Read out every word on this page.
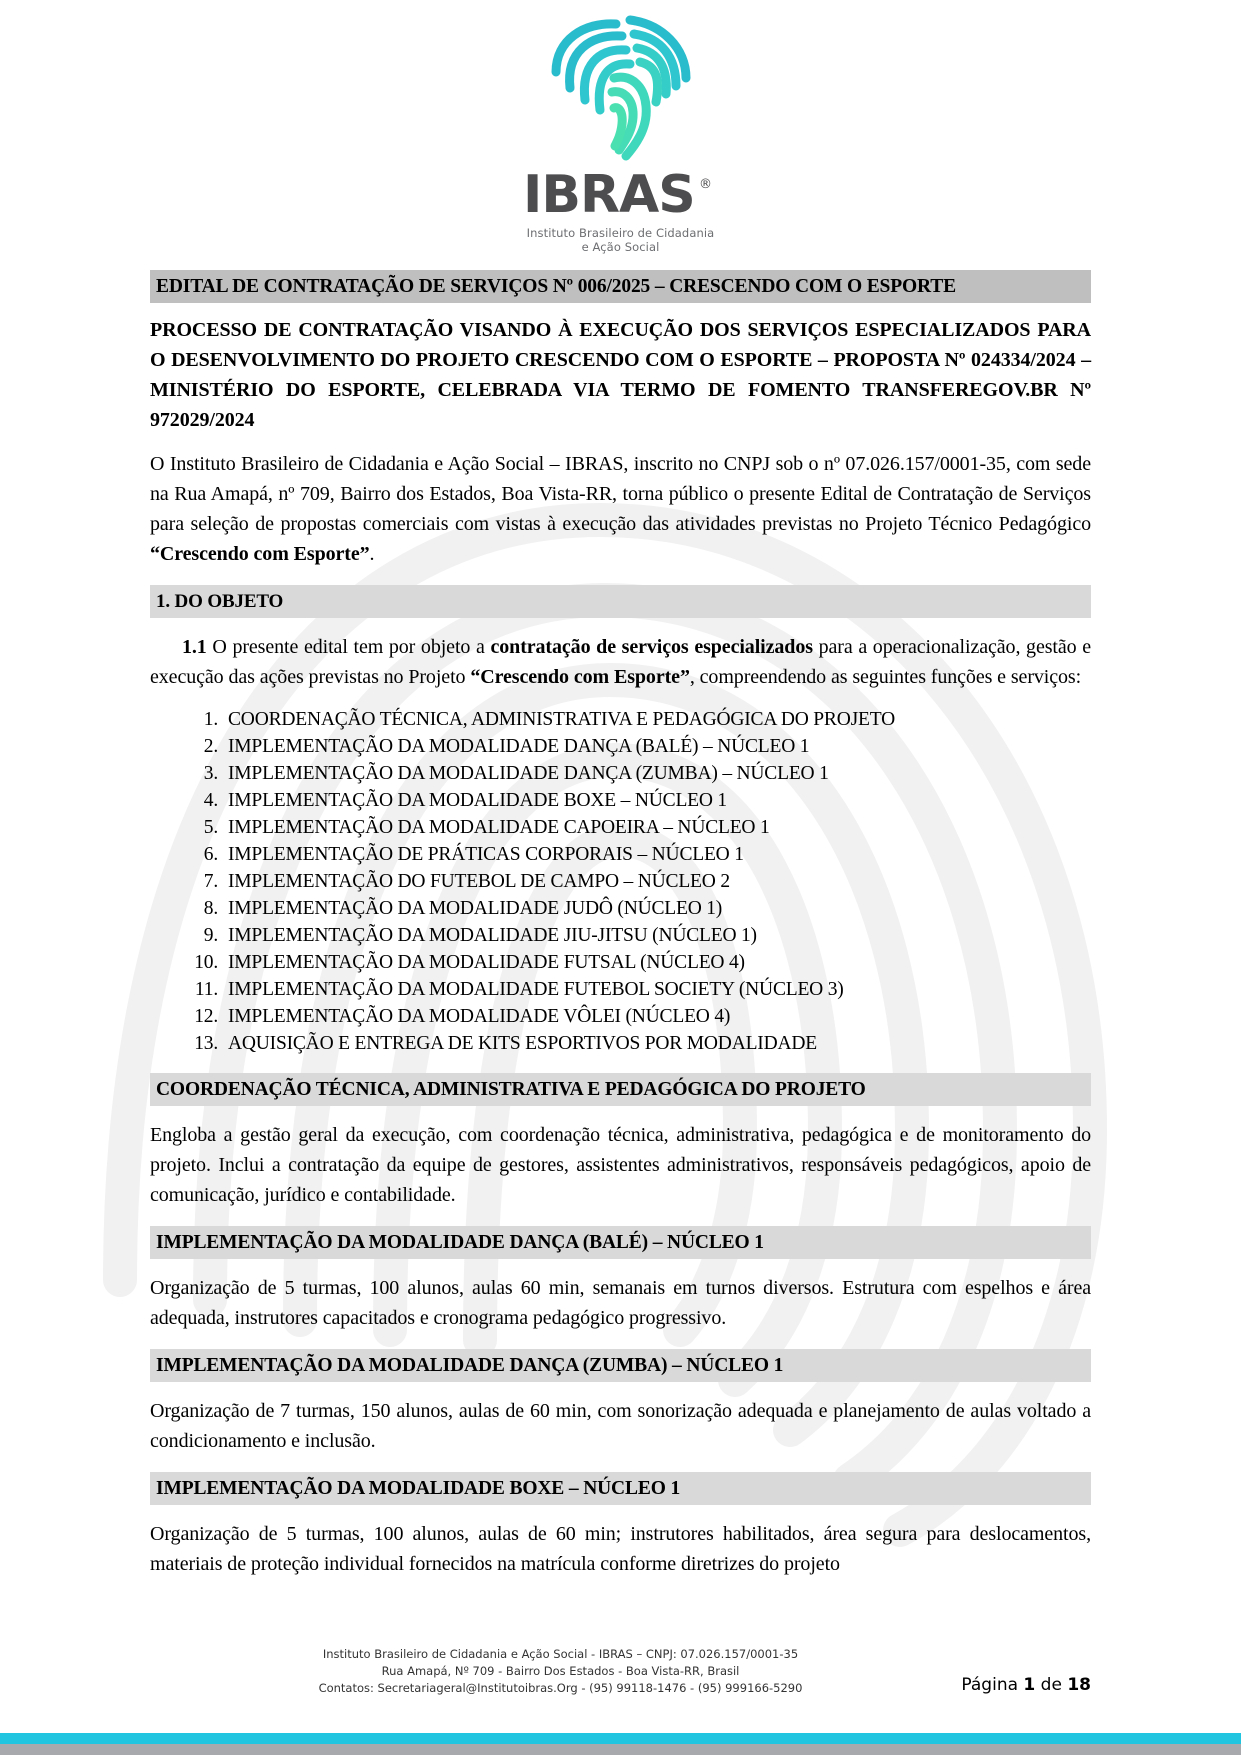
IBRAS ®
Instituto Brasileiro de Cidadania
e Ação Social
EDITAL DE CONTRATAÇÃO DE SERVIÇOS Nº 006/2025 – CRESCENDO COM O ESPORTE
PROCESSO DE CONTRATAÇÃO VISANDO À EXECUÇÃO DOS SERVIÇOS ESPECIALIZADOS PARA O DESENVOLVIMENTO DO PROJETO CRESCENDO COM O ESPORTE – PROPOSTA Nº 024334/2024 – MINISTÉRIO DO ESPORTE, CELEBRADA VIA TERMO DE FOMENTO TRANSFEREGOV.BR Nº 972029/2024

O Instituto Brasileiro de Cidadania e Ação Social – IBRAS, inscrito no CNPJ sob o nº 07.026.157/0001-35, com sede na Rua Amapá, nº 709, Bairro dos Estados, Boa Vista-RR, torna público o presente Edital de Contratação de Serviços para seleção de propostas comerciais com vistas à execução das atividades previstas no Projeto Técnico Pedagógico “Crescendo com Esporte”.

1. DO OBJETO

1.1 O presente edital tem por objeto a contratação de serviços especializados para a operacionalização, gestão e execução das ações previstas no Projeto “Crescendo com Esporte”, compreendendo as seguintes funções e serviços:

COORDENAÇÃO TÉCNICA, ADMINISTRATIVA E PEDAGÓGICA DO PROJETO
IMPLEMENTAÇÃO DA MODALIDADE DANÇA (BALÉ) – NÚCLEO 1
IMPLEMENTAÇÃO DA MODALIDADE DANÇA (ZUMBA) – NÚCLEO 1
IMPLEMENTAÇÃO DA MODALIDADE BOXE – NÚCLEO 1
IMPLEMENTAÇÃO DA MODALIDADE CAPOEIRA – NÚCLEO 1
IMPLEMENTAÇÃO DE PRÁTICAS CORPORAIS – NÚCLEO 1
IMPLEMENTAÇÃO DO FUTEBOL DE CAMPO – NÚCLEO 2
IMPLEMENTAÇÃO DA MODALIDADE JUDÔ (NÚCLEO 1)
IMPLEMENTAÇÃO DA MODALIDADE JIU-JITSU (NÚCLEO 1)
IMPLEMENTAÇÃO DA MODALIDADE FUTSAL (NÚCLEO 4)
IMPLEMENTAÇÃO DA MODALIDADE FUTEBOL SOCIETY (NÚCLEO 3)
IMPLEMENTAÇÃO DA MODALIDADE VÔLEI (NÚCLEO 4)
AQUISIÇÃO E ENTREGA DE KITS ESPORTIVOS POR MODALIDADE
COORDENAÇÃO TÉCNICA, ADMINISTRATIVA E PEDAGÓGICA DO PROJETO

Engloba a gestão geral da execução, com coordenação técnica, administrativa, pedagógica e de monitoramento do projeto. Inclui a contratação da equipe de gestores, assistentes administrativos, responsáveis pedagógicos, apoio de comunicação, jurídico e contabilidade.

IMPLEMENTAÇÃO DA MODALIDADE DANÇA (BALÉ) – NÚCLEO 1

Organização de 5 turmas, 100 alunos, aulas 60 min, semanais em turnos diversos. Estrutura com espelhos e área adequada, instrutores capacitados e cronograma pedagógico progressivo.

IMPLEMENTAÇÃO DA MODALIDADE DANÇA (ZUMBA) – NÚCLEO 1

Organização de 7 turmas, 150 alunos, aulas de 60 min, com sonorização adequada e planejamento de aulas voltado a condicionamento e inclusão.

IMPLEMENTAÇÃO DA MODALIDADE BOXE – NÚCLEO 1

Organização de 5 turmas, 100 alunos, aulas de 60 min; instrutores habilitados, área segura para deslocamentos, materiais de proteção individual fornecidos na matrícula conforme diretrizes do projeto

Instituto Brasileiro de Cidadania e Ação Social - IBRAS – CNPJ: 07.026.157/0001-35
Rua Amapá, Nº 709 - Bairro Dos Estados - Boa Vista-RR, Brasil
Contatos: Secretariageral@Institutoibras.Org - (95) 99118-1476 - (95) 999166-5290	Página 1 de 18
